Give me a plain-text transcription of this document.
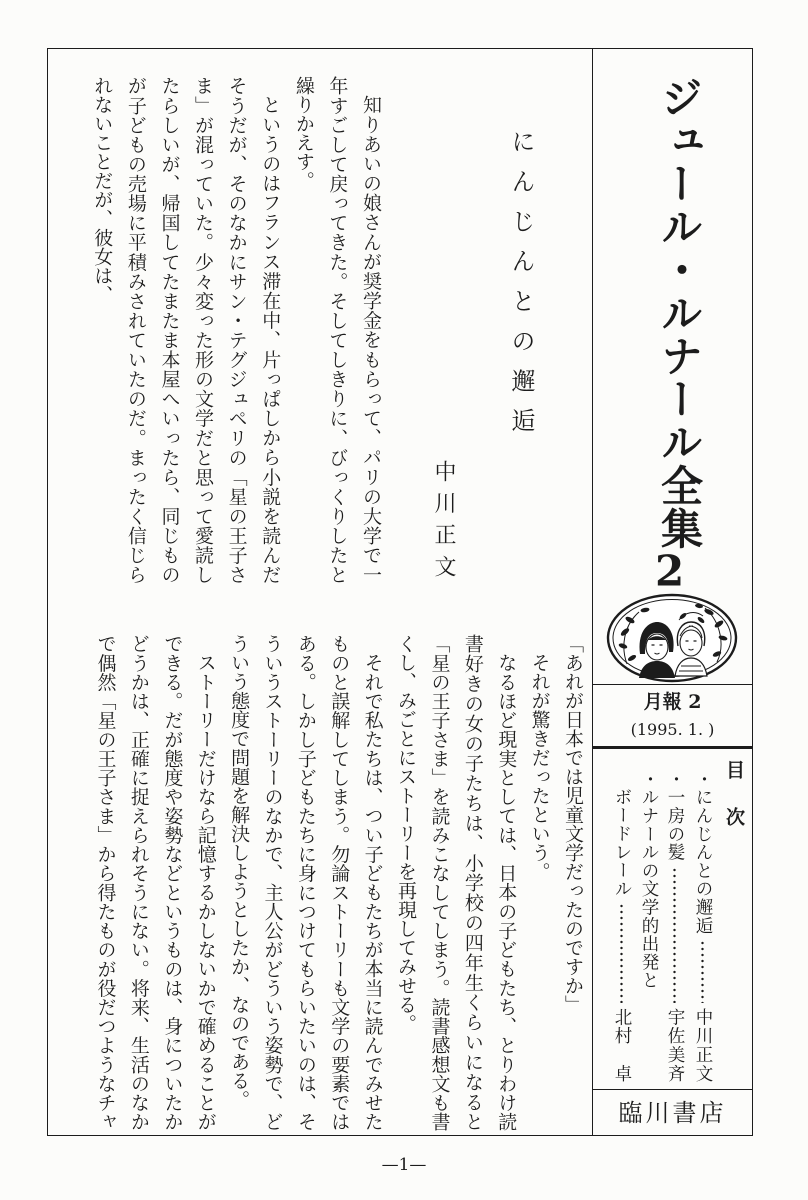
ジュール・ルナール全集2
月報 2
(1995. 1. )
目次
・にんじんとの邂逅
中川正文
・一房の髪
宇佐美斉
・ルナールの文学的出発と
ボードレール
北村　卓
臨川書店
にんじんとの邂逅
中川正文
知りあいの娘さんが奨学金をもらって、パリの大学で一
年すごして戻ってきた。そしてしきりに、びっくりしたと
繰りかえす。
というのはフランス滞在中、片っぱしから小説を読んだ
そうだが、そのなかにサン・テグジュペリの「星の王子さ
ま」が混っていた。少々変った形の文学だと思って愛読し
たらしいが、帰国してたまたま本屋へいったら、同じもの
が子どもの売場に平積みされていたのだ。まったく信じら
れないことだが、彼女は、
「あれが日本では児童文学だったのですか」
それが驚きだったという。
なるほど現実としては、日本の子どもたち、とりわけ読
書好きの女の子たちは、小学校の四年生くらいになると
「星の王子さま」を読みこなしてしまう。読書感想文も書
くし、みごとにストーリーを再現してみせる。
それで私たちは、つい子どもたちが本当に読んでみせた
ものと誤解してしまう。勿論ストーリーも文学の要素では
ある。しかし子どもたちに身につけてもらいたいのは、そ
ういうストーリーのなかで、主人公がどういう姿勢で、ど
ういう態度で問題を解決しようとしたか、なのである。
ストーリーだけなら記憶するかしないかで確めることが
できる。だが態度や姿勢などというものは、身についたか
どうかは、正確に捉えられそうにない。将来、生活のなか
で偶然「星の王子さま」から得たものが役だつようなチャ
—1—
